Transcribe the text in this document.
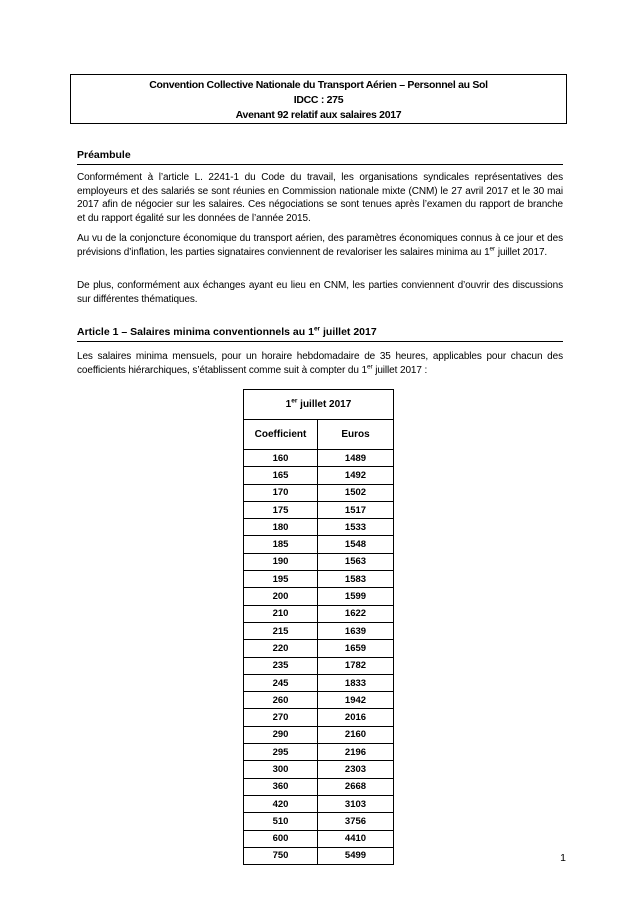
Convention Collective Nationale du Transport Aérien – Personnel au Sol
IDCC : 275
Avenant 92 relatif aux salaires 2017
Préambule
Conformément à l’article L. 2241-1 du Code du travail, les organisations syndicales représentatives des employeurs et des salariés se sont réunies en Commission nationale mixte (CNM) le 27 avril 2017 et le 30 mai 2017 afin de négocier sur les salaires. Ces négociations se sont tenues après l’examen du rapport de branche et du rapport égalité sur les données de l’année 2015.
Au vu de la conjoncture économique du transport aérien, des paramètres économiques connus à ce jour et des prévisions d’inflation, les parties signataires conviennent de revaloriser les salaires minima au 1er juillet 2017.
De plus, conformément aux échanges ayant eu lieu en CNM, les parties conviennent d’ouvrir des discussions sur différentes thématiques.
Article 1 – Salaires minima conventionnels au 1er juillet 2017
Les salaires minima mensuels, pour un horaire hebdomadaire de 35 heures, applicables pour chacun des coefficients hiérarchiques, s’établissent comme suit à compter du 1er juillet 2017 :
1er juillet 2017	
Coefficient	Euros
160	1489
165	1492
170	1502
175	1517
180	1533
185	1548
190	1563
195	1583
200	1599
210	1622
215	1639
220	1659
235	1782
245	1833
260	1942
270	2016
290	2160
295	2196
300	2303
360	2668
420	3103
510	3756
600	4410
750	5499	1
